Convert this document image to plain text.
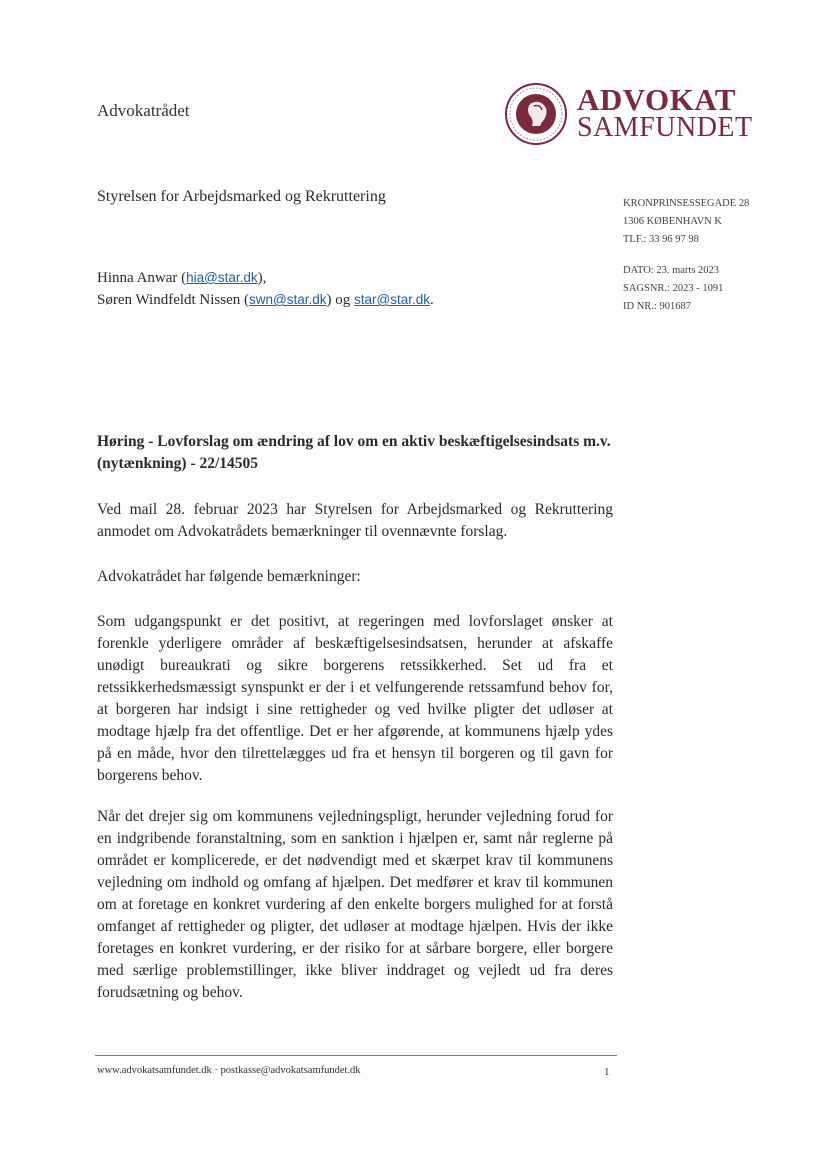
Advokatrådet	ADVOKAT
SAMFUNDET
Styrelsen for Arbejdsmarked og Rekruttering	KRONPRINSESSEGADE 28
1306 KØBENHAVN K
TLF.: 33 96 97 98
Hinna Anwar (hia@star.dk),
Søren Windfeldt Nissen (swn@star.dk) og star@star.dk.
DATO: 23. marts 2023
SAGSNR.: 2023 - 1091
ID NR.: 901687
Høring - Lovforslag om ændring af lov om en aktiv beskæftigelsesindsats m.v. (nytænkning) - 22/14505
Ved mail 28. februar 2023 har Styrelsen for Arbejdsmarked og Rekruttering anmodet om Advokatrådets bemærkninger til ovennævnte forslag.
Advokatrådet har følgende bemærkninger:
Som udgangspunkt er det positivt, at regeringen med lovforslaget ønsker at forenkle yderligere områder af beskæftigelsesindsatsen, herunder at afskaffe unødigt bureaukrati og sikre borgerens retssikkerhed. Set ud fra et retssikkerhedsmæssigt synspunkt er der i et velfungerende retssamfund behov for, at borgeren har indsigt i sine rettigheder og ved hvilke pligter det udløser at modtage hjælp fra det offentlige. Det er her afgørende, at kommunens hjælp ydes på en måde, hvor den tilrettelægges ud fra et hensyn til borgeren og til gavn for borgerens behov.
Når det drejer sig om kommunens vejledningspligt, herunder vejledning forud for en indgribende foranstaltning, som en sanktion i hjælpen er, samt når reglerne på området er komplicerede, er det nødvendigt med et skærpet krav til kommunens vejledning om indhold og omfang af hjælpen. Det medfører et krav til kommunen om at foretage en konkret vurdering af den enkelte borgers mulighed for at forstå omfanget af rettigheder og pligter, det udløser at modtage hjælpen. Hvis der ikke foretages en konkret vurdering, er der risiko for at sårbare borgere, eller borgere med særlige problemstillinger, ikke bliver inddraget og vejledt ud fra deres forudsætning og behov.
www.advokatsamfundet.dk · postkasse@advokatsamfundet.dk	1
